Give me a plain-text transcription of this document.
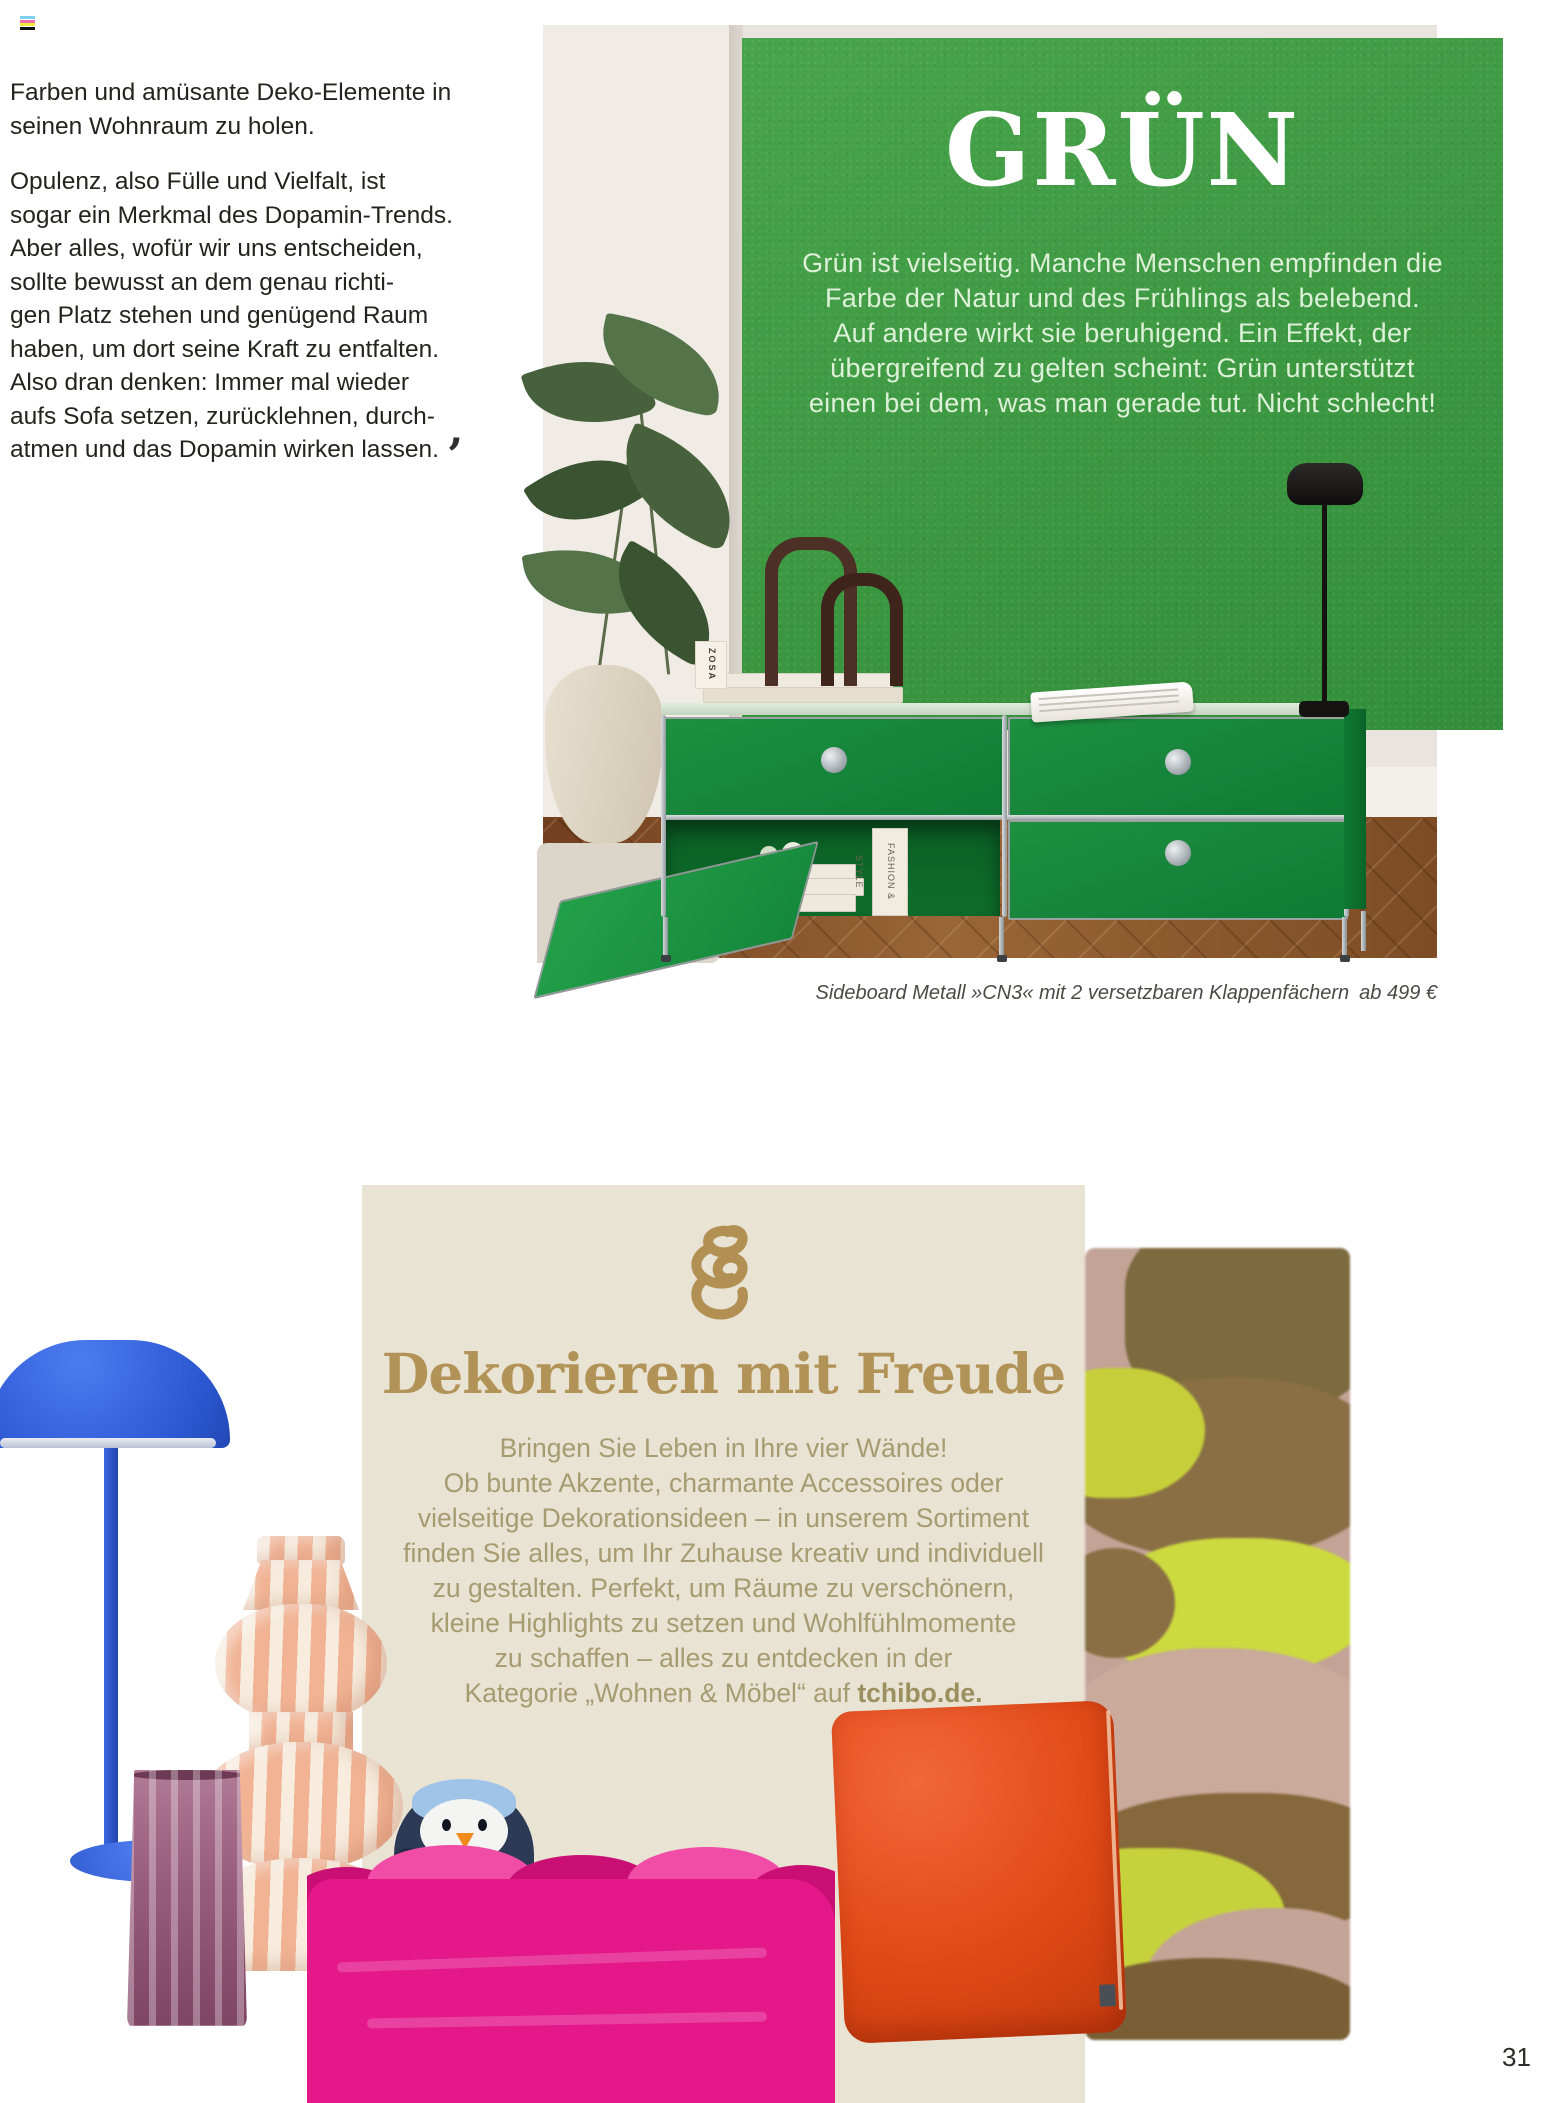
Farben und amüsante Deko-Elemente in
seinen Wohnraum zu holen.
Opulenz, also Fülle und Vielfalt, ist
sogar ein Merkmal des Dopamin-Trends.
Aber alles, wofür wir uns entscheiden,
sollte bewusst an dem genau richti-
gen Platz stehen und genügend Raum
haben, um dort seine Kraft zu entfalten.
Also dran denken: Immer mal wieder
aufs Sofa setzen, zurücklehnen, durch-
atmen und das Dopamin wirken lassen. ’
GRÜN
Grün ist vielseitig. Manche Menschen empfinden die
Farbe der Natur und des Frühlings als belebend.
Auf andere wirkt sie beruhigend. Ein Effekt, der
übergreifend zu gelten scheint: Grün unterstützt
einen bei dem, was man gerade tut. Nicht schlecht!
FASHION & STYLE
ZOSA
Sideboard Metall »CN3« mit 2 versetzbaren Klappenfächern ab 499 €
Dekorieren mit Freude
Bringen Sie Leben in Ihre vier Wände!
Ob bunte Akzente, charmante Accessoires oder
vielseitige Dekorationsideen – in unserem Sortiment
finden Sie alles, um Ihr Zuhause kreativ und individuell
zu gestalten. Perfekt, um Räume zu verschönern,
kleine Highlights zu setzen und Wohlfühlmomente
zu schaffen – alles zu entdecken in der
Kategorie „Wohnen & Möbel“ auf tchibo.de.
31
